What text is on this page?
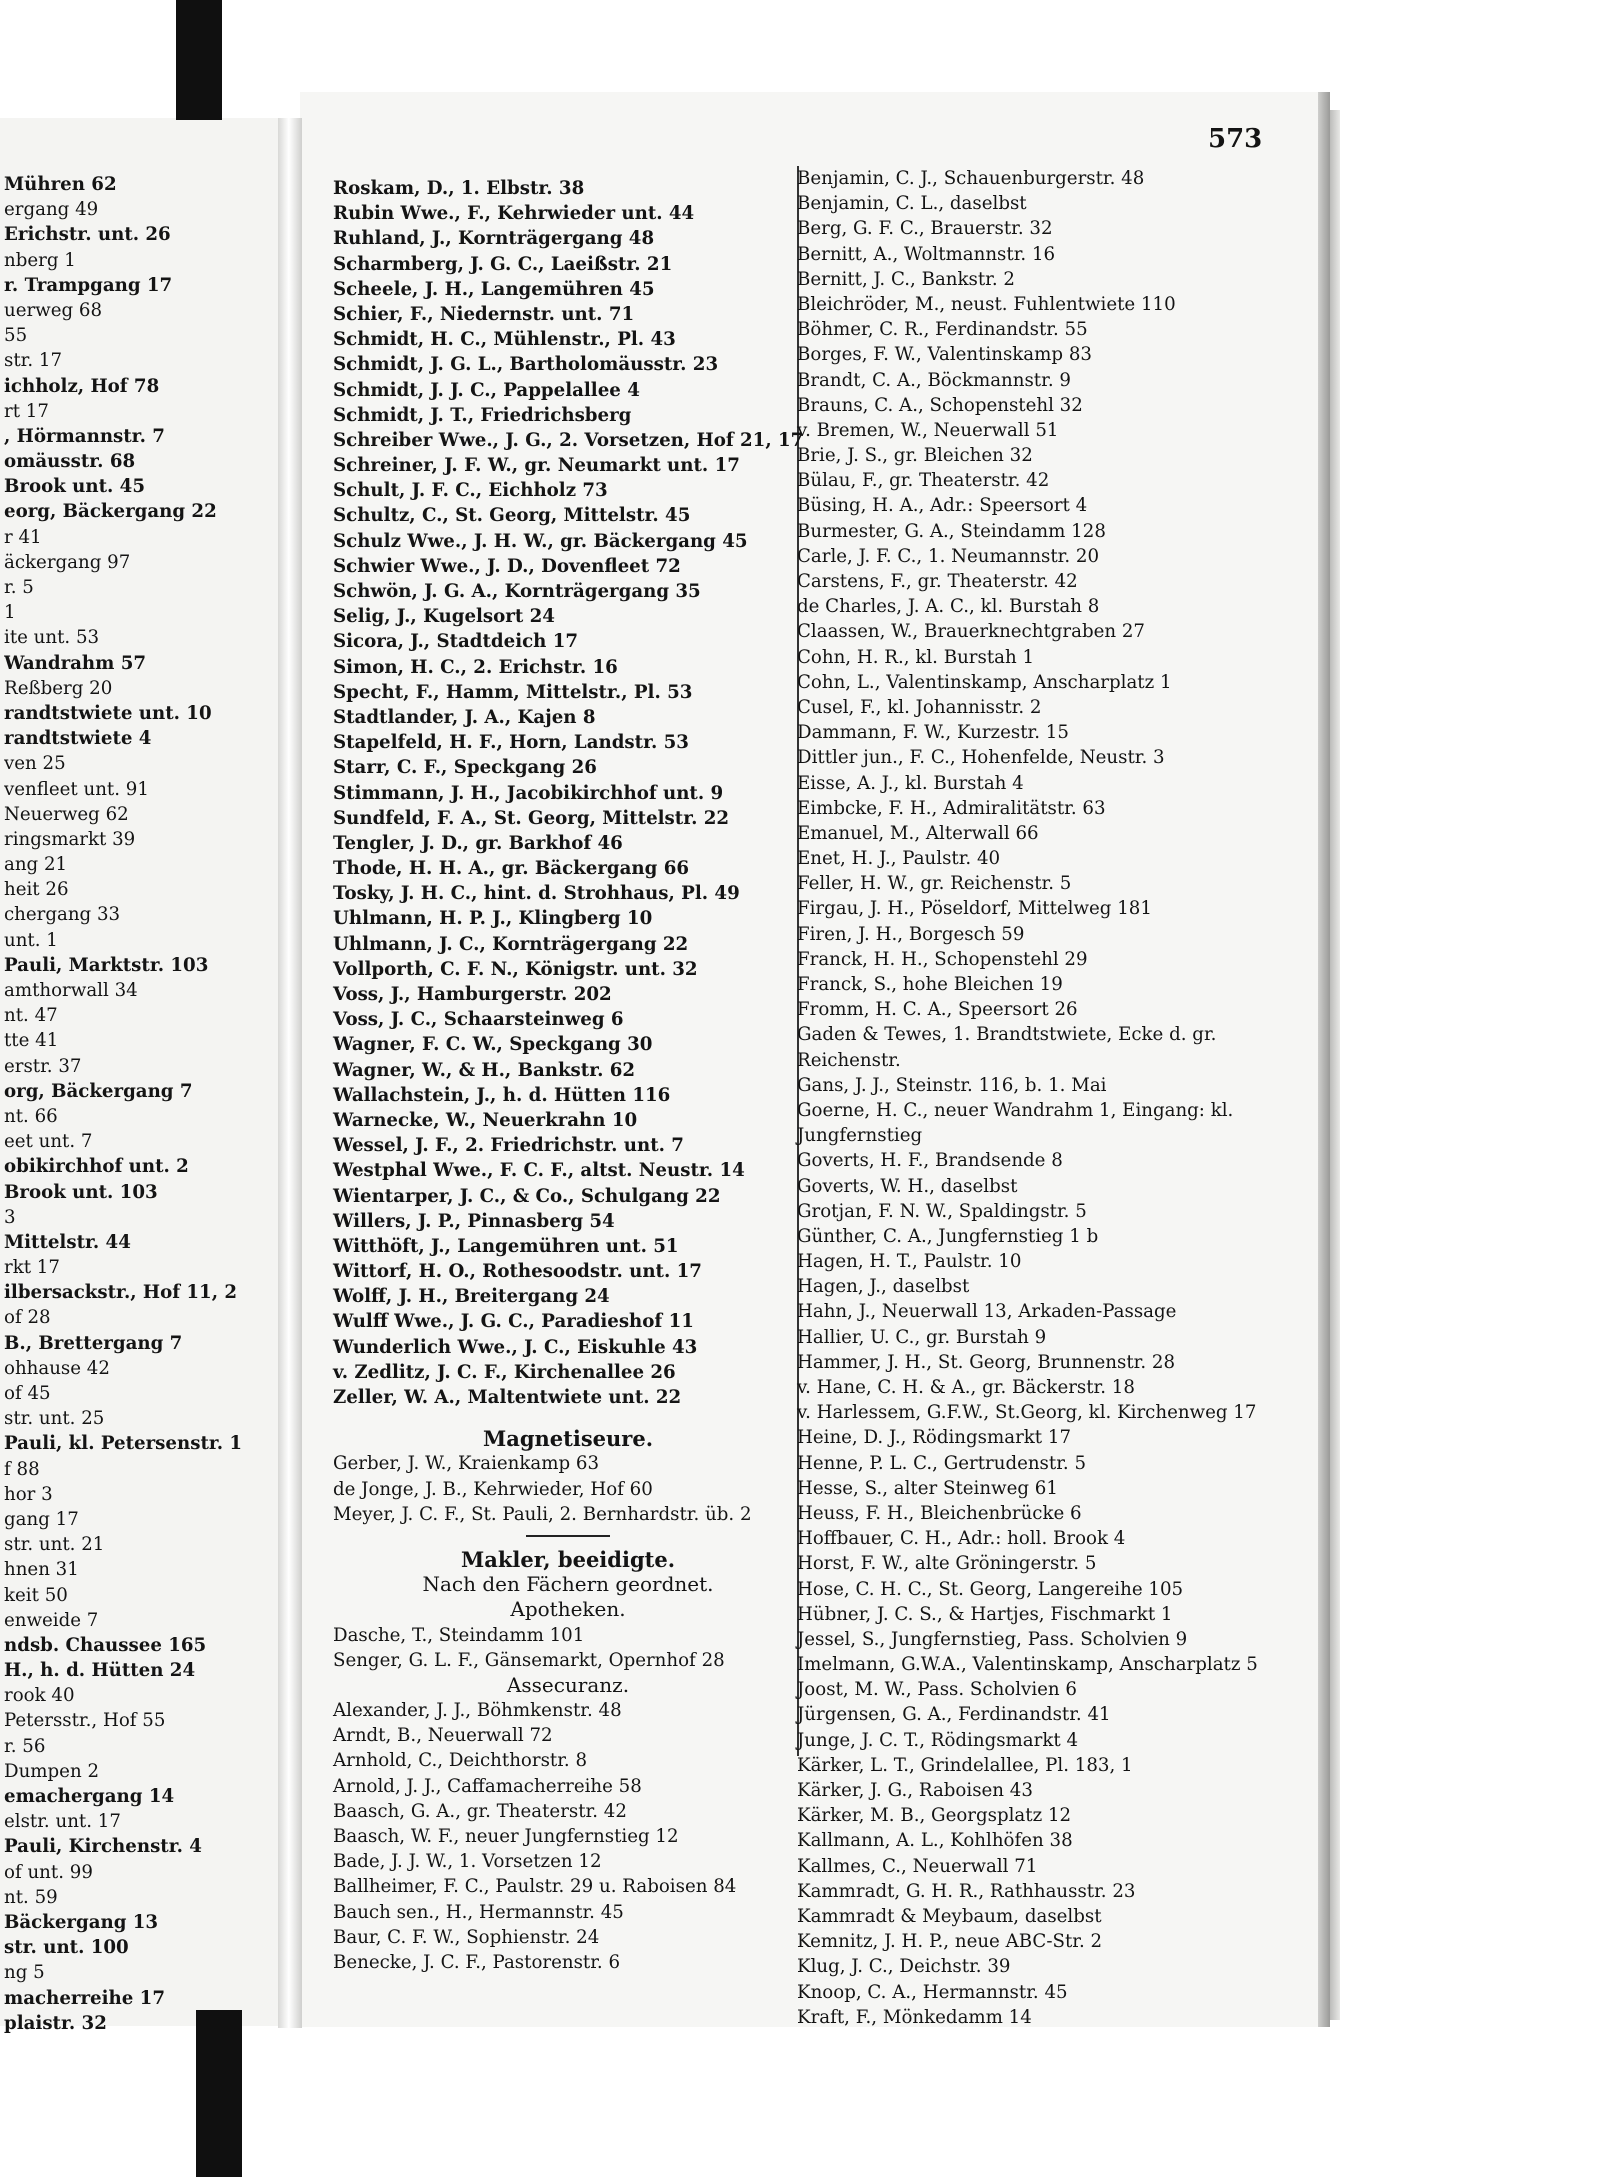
573
Mühren 62
ergang 49
Erichstr. unt. 26
nberg 1
r. Trampgang 17
uerweg 68
55
str. 17
ichholz, Hof 78
rt 17
, Hörmannstr. 7
omäusstr. 68
Brook unt. 45
eorg, Bäckergang 22
r 41
äckergang 97
r. 5
1
ite unt. 53
Wandrahm 57
Reßberg 20
randtstwiete unt. 10
randtstwiete 4
ven 25
venfleet unt. 91
Neuerweg 62
ringsmarkt 39
ang 21
heit 26
chergang 33
unt. 1
Pauli, Marktstr. 103
amthorwall 34
nt. 47
tte 41
erstr. 37
org, Bäckergang 7
nt. 66
eet unt. 7
obikirchhof unt. 2
Brook unt. 103
3
Mittelstr. 44
rkt 17
ilbersackstr., Hof 11, 2
of 28
B., Brettergang 7
ohhause 42
of 45
str. unt. 25
Pauli, kl. Petersenstr. 1
f 88
hor 3
gang 17
str. unt. 21
hnen 31
keit 50
enweide 7
ndsb. Chaussee 165
H., h. d. Hütten 24
rook 40
Petersstr., Hof 55
r. 56
Dumpen 2
emachergang 14
elstr. unt. 17
Pauli, Kirchenstr. 4
of unt. 99
nt. 59
Bäckergang 13
str. unt. 100
ng 5
macherreihe 17
plaistr. 32
Roskam, D., 1. Elbstr. 38
Rubin Wwe., F., Kehrwieder unt. 44
Ruhland, J., Kornträgergang 48
Scharmberg, J. G. C., Laeißstr. 21
Scheele, J. H., Langemühren 45
Schier, F., Niedernstr. unt. 71
Schmidt, H. C., Mühlenstr., Pl. 43
Schmidt, J. G. L., Bartholomäusstr. 23
Schmidt, J. J. C., Pappelallee 4
Schmidt, J. T., Friedrichsberg
Schreiber Wwe., J. G., 2. Vorsetzen, Hof 21, 17
Schreiner, J. F. W., gr. Neumarkt unt. 17
Schult, J. F. C., Eichholz 73
Schultz, C., St. Georg, Mittelstr. 45
Schulz Wwe., J. H. W., gr. Bäckergang 45
Schwier Wwe., J. D., Dovenfleet 72
Schwön, J. G. A., Kornträgergang 35
Selig, J., Kugelsort 24
Sicora, J., Stadtdeich 17
Simon, H. C., 2. Erichstr. 16
Specht, F., Hamm, Mittelstr., Pl. 53
Stadtlander, J. A., Kajen 8
Stapelfeld, H. F., Horn, Landstr. 53
Starr, C. F., Speckgang 26
Stimmann, J. H., Jacobikirchhof unt. 9
Sundfeld, F. A., St. Georg, Mittelstr. 22
Tengler, J. D., gr. Barkhof 46
Thode, H. H. A., gr. Bäckergang 66
Tosky, J. H. C., hint. d. Strohhaus, Pl. 49
Uhlmann, H. P. J., Klingberg 10
Uhlmann, J. C., Kornträgergang 22
Vollporth, C. F. N., Königstr. unt. 32
Voss, J., Hamburgerstr. 202
Voss, J. C., Schaarsteinweg 6
Wagner, F. C. W., Speckgang 30
Wagner, W., & H., Bankstr. 62
Wallachstein, J., h. d. Hütten 116
Warnecke, W., Neuerkrahn 10
Wessel, J. F., 2. Friedrichstr. unt. 7
Westphal Wwe., F. C. F., altst. Neustr. 14
Wientarper, J. C., & Co., Schulgang 22
Willers, J. P., Pinnasberg 54
Witthöft, J., Langemühren unt. 51
Wittorf, H. O., Rothesoodstr. unt. 17
Wolff, J. H., Breitergang 24
Wulff Wwe., J. G. C., Paradieshof 11
Wunderlich Wwe., J. C., Eiskuhle 43
v. Zedlitz, J. C. F., Kirchenallee 26
Zeller, W. A., Maltentwiete unt. 22
Magnetiseure.
Gerber, J. W., Kraienkamp 63
de Jonge, J. B., Kehrwieder, Hof 60
Meyer, J. C. F., St. Pauli, 2. Bernhardstr. üb. 2
Makler, beeidigte.
Nach den Fächern geordnet.
Apotheken.
Dasche, T., Steindamm 101
Senger, G. L. F., Gänsemarkt, Opernhof 28
Assecuranz.
Alexander, J. J., Böhmkenstr. 48
Arndt, B., Neuerwall 72
Arnhold, C., Deichthorstr. 8
Arnold, J. J., Caffamacherreihe 58
Baasch, G. A., gr. Theaterstr. 42
Baasch, W. F., neuer Jungfernstieg 12
Bade, J. J. W., 1. Vorsetzen 12
Ballheimer, F. C., Paulstr. 29 u. Raboisen 84
Bauch sen., H., Hermannstr. 45
Baur, C. F. W., Sophienstr. 24
Benecke, J. C. F., Pastorenstr. 6
Benjamin, C. J., Schauenburgerstr. 48
Benjamin, C. L., daselbst
Berg, G. F. C., Brauerstr. 32
Bernitt, A., Woltmannstr. 16
Bernitt, J. C., Bankstr. 2
Bleichröder, M., neust. Fuhlentwiete 110
Böhmer, C. R., Ferdinandstr. 55
Borges, F. W., Valentinskamp 83
Brandt, C. A., Böckmannstr. 9
Brauns, C. A., Schopenstehl 32
v. Bremen, W., Neuerwall 51
Brie, J. S., gr. Bleichen 32
Bülau, F., gr. Theaterstr. 42
Büsing, H. A., Adr.: Speersort 4
Burmester, G. A., Steindamm 128
Carle, J. F. C., 1. Neumannstr. 20
Carstens, F., gr. Theaterstr. 42
de Charles, J. A. C., kl. Burstah 8
Claassen, W., Brauerknechtgraben 27
Cohn, H. R., kl. Burstah 1
Cohn, L., Valentinskamp, Anscharplatz 1
Cusel, F., kl. Johannisstr. 2
Dammann, F. W., Kurzestr. 15
Dittler jun., F. C., Hohenfelde, Neustr. 3
Eisse, A. J., kl. Burstah 4
Eimbcke, F. H., Admiralitätstr. 63
Emanuel, M., Alterwall 66
Enet, H. J., Paulstr. 40
Feller, H. W., gr. Reichenstr. 5
Firgau, J. H., Pöseldorf, Mittelweg 181
Firen, J. H., Borgesch 59
Franck, H. H., Schopenstehl 29
Franck, S., hohe Bleichen 19
Fromm, H. C. A., Speersort 26
Gaden & Tewes, 1. Brandtstwiete, Ecke d. gr.
Reichenstr.
Gans, J. J., Steinstr. 116, b. 1. Mai
Goerne, H. C., neuer Wandrahm 1, Eingang: kl.
Jungfernstieg
Goverts, H. F., Brandsende 8
Goverts, W. H., daselbst
Grotjan, F. N. W., Spaldingstr. 5
Günther, C. A., Jungfernstieg 1 b
Hagen, H. T., Paulstr. 10
Hagen, J., daselbst
Hahn, J., Neuerwall 13, Arkaden-Passage
Hallier, U. C., gr. Burstah 9
Hammer, J. H., St. Georg, Brunnenstr. 28
v. Hane, C. H. & A., gr. Bäckerstr. 18
v. Harlessem, G.F.W., St.Georg, kl. Kirchenweg 17
Heine, D. J., Rödingsmarkt 17
Henne, P. L. C., Gertrudenstr. 5
Hesse, S., alter Steinweg 61
Heuss, F. H., Bleichenbrücke 6
Hoffbauer, C. H., Adr.: holl. Brook 4
Horst, F. W., alte Gröningerstr. 5
Hose, C. H. C., St. Georg, Langereihe 105
Hübner, J. C. S., & Hartjes, Fischmarkt 1
Jessel, S., Jungfernstieg, Pass. Scholvien 9
Imelmann, G.W.A., Valentinskamp, Anscharplatz 5
Joost, M. W., Pass. Scholvien 6
Jürgensen, G. A., Ferdinandstr. 41
Junge, J. C. T., Rödingsmarkt 4
Kärker, L. T., Grindelallee, Pl. 183, 1
Kärker, J. G., Raboisen 43
Kärker, M. B., Georgsplatz 12
Kallmann, A. L., Kohlhöfen 38
Kallmes, C., Neuerwall 71
Kammradt, G. H. R., Rathhausstr. 23
Kammradt & Meybaum, daselbst
Kemnitz, J. H. P., neue ABC-Str. 2
Klug, J. C., Deichstr. 39
Knoop, C. A., Hermannstr. 45
Kraft, F., Mönkedamm 14
